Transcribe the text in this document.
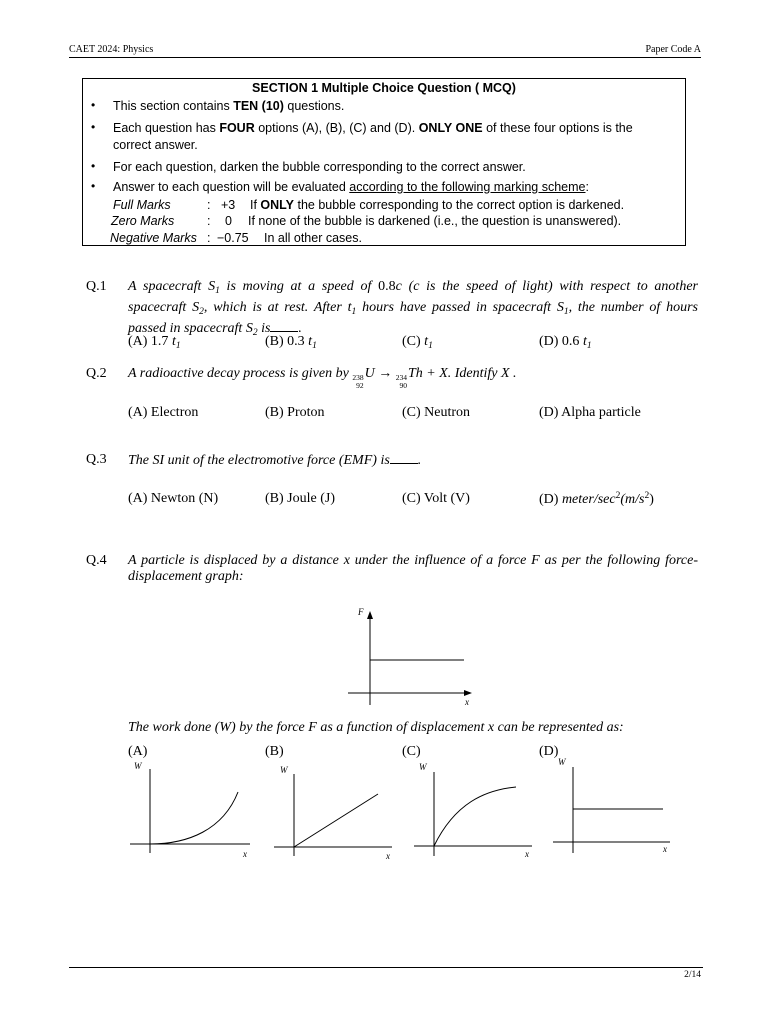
CAET 2024: Physics	Paper Code A
SECTION 1 Multiple Choice Question ( MCQ)
• This section contains TEN (10) questions.
• Each question has FOUR options (A), (B), (C) and (D). ONLY ONE of these four options is the
correct answer.
• For each question, darken the bubble corresponding to the correct answer.
• Answer to each question will be evaluated according to the following marking scheme:
Full Marks	: +3 If ONLY the bubble corresponding to the correct option is darkened.
Zero Marks	: 0 If none of the bubble is darkened (i.e., the question is unanswered).
Negative Marks : −0.75 In all other cases.
Q.1 A spacecraft $S_1$ is moving at a speed of 0.8c (c is the speed of light) with respect to another spacecraft $S_2$, which is at rest. After $t_1$ hours have passed in spacecraft $S_1$, the number of hours passed in spacecraft $S_2$ is .
(A) 1.7 $t_1$	(B) 0.3 $t_1$	(C) $t_1$	(D) 0.6 $t_1$
Q.2 A radioactive decay process is given by 238
92
U → 234
90
Th + X. Identify X .
(A) Electron	(B) Proton	(C) Neutron	(D) Alpha particle
Q.3 The SI unit of the electromotive force (EMF) is .
(A) Newton (N)	(B) Joule (J)	(C) Volt (V)	(D) meter/$\sec^2(m/s^2)$
Q.4 A particle is displaced by a distance x under the influence of a force F as per the following force-displacement graph:
F
x
The work done (W) by the force F as a function of displacement x can be represented as:
(A)	(B)	(C)	(D)
W
x
W
x
W
x
W
x
2/14
